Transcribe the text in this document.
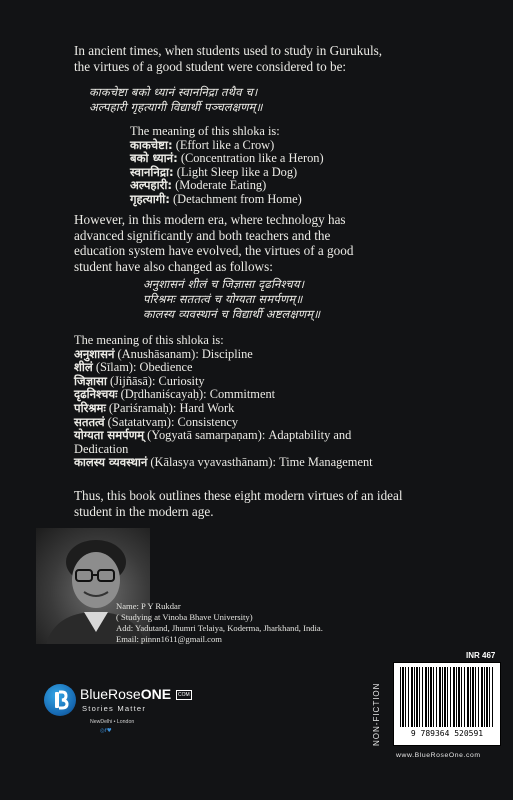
In ancient times, when students used to study in Gurukuls,
the virtues of a good student were considered to be:
काकचेष्टा बको ध्यानं स्वाननिद्रा तथैव च।
अल्पहारी गृहत्यागी विद्यार्थी पञ्चलक्षणम्॥
The meaning of this shloka is:
काकचेष्टा: (Effort like a Crow)
बको ध्यानं: (Concentration like a Heron)
स्वाननिद्रा: (Light Sleep like a Dog)
अल्पहारी: (Moderate Eating)
गृहत्यागी: (Detachment from Home)
However, in this modern era, where technology has
advanced significantly and both teachers and the
education system have evolved, the virtues of a good
student have also changed as follows:
अनुशासनं शीलं च जिज्ञासा दृढनिश्चय।
परिश्रमः सततत्वं च योग्यता समर्पणम्॥
कालस्य व्यवस्थानं च विद्यार्थी अष्टलक्षणम्॥
The meaning of this shloka is:
अनुशासनं (Anushāsanam): Discipline
शीलं (Sīlam): Obedience
जिज्ञासा (Jijñāsā): Curiosity
दृढनिश्चयः (Dṛdhaniścayaḥ): Commitment
परिश्रमः (Pariśramaḥ): Hard Work
सततत्वं (Satatatvaṃ): Consistency
योग्यता समर्पणम् (Yogyatā samarpaṇam): Adaptability and
Dedication
कालस्य व्यवस्थानं (Kālasya vyavasthānam): Time Management
Thus, this book outlines these eight modern virtues of an ideal
student in the modern age.
Name: P Y Rukdar
( Studying at Vinoba Bhave University)
Add: Yadutand, Jhumri Telaiya, Koderma, Jharkhand, India.
Email: pinnn1611@gmail.com
BlueRoseONE COM
Stories Matter
NewDelhi • London
◎f♥	NON-FICTION
INR 467
9 789364 520591
www.BlueRoseOne.com
